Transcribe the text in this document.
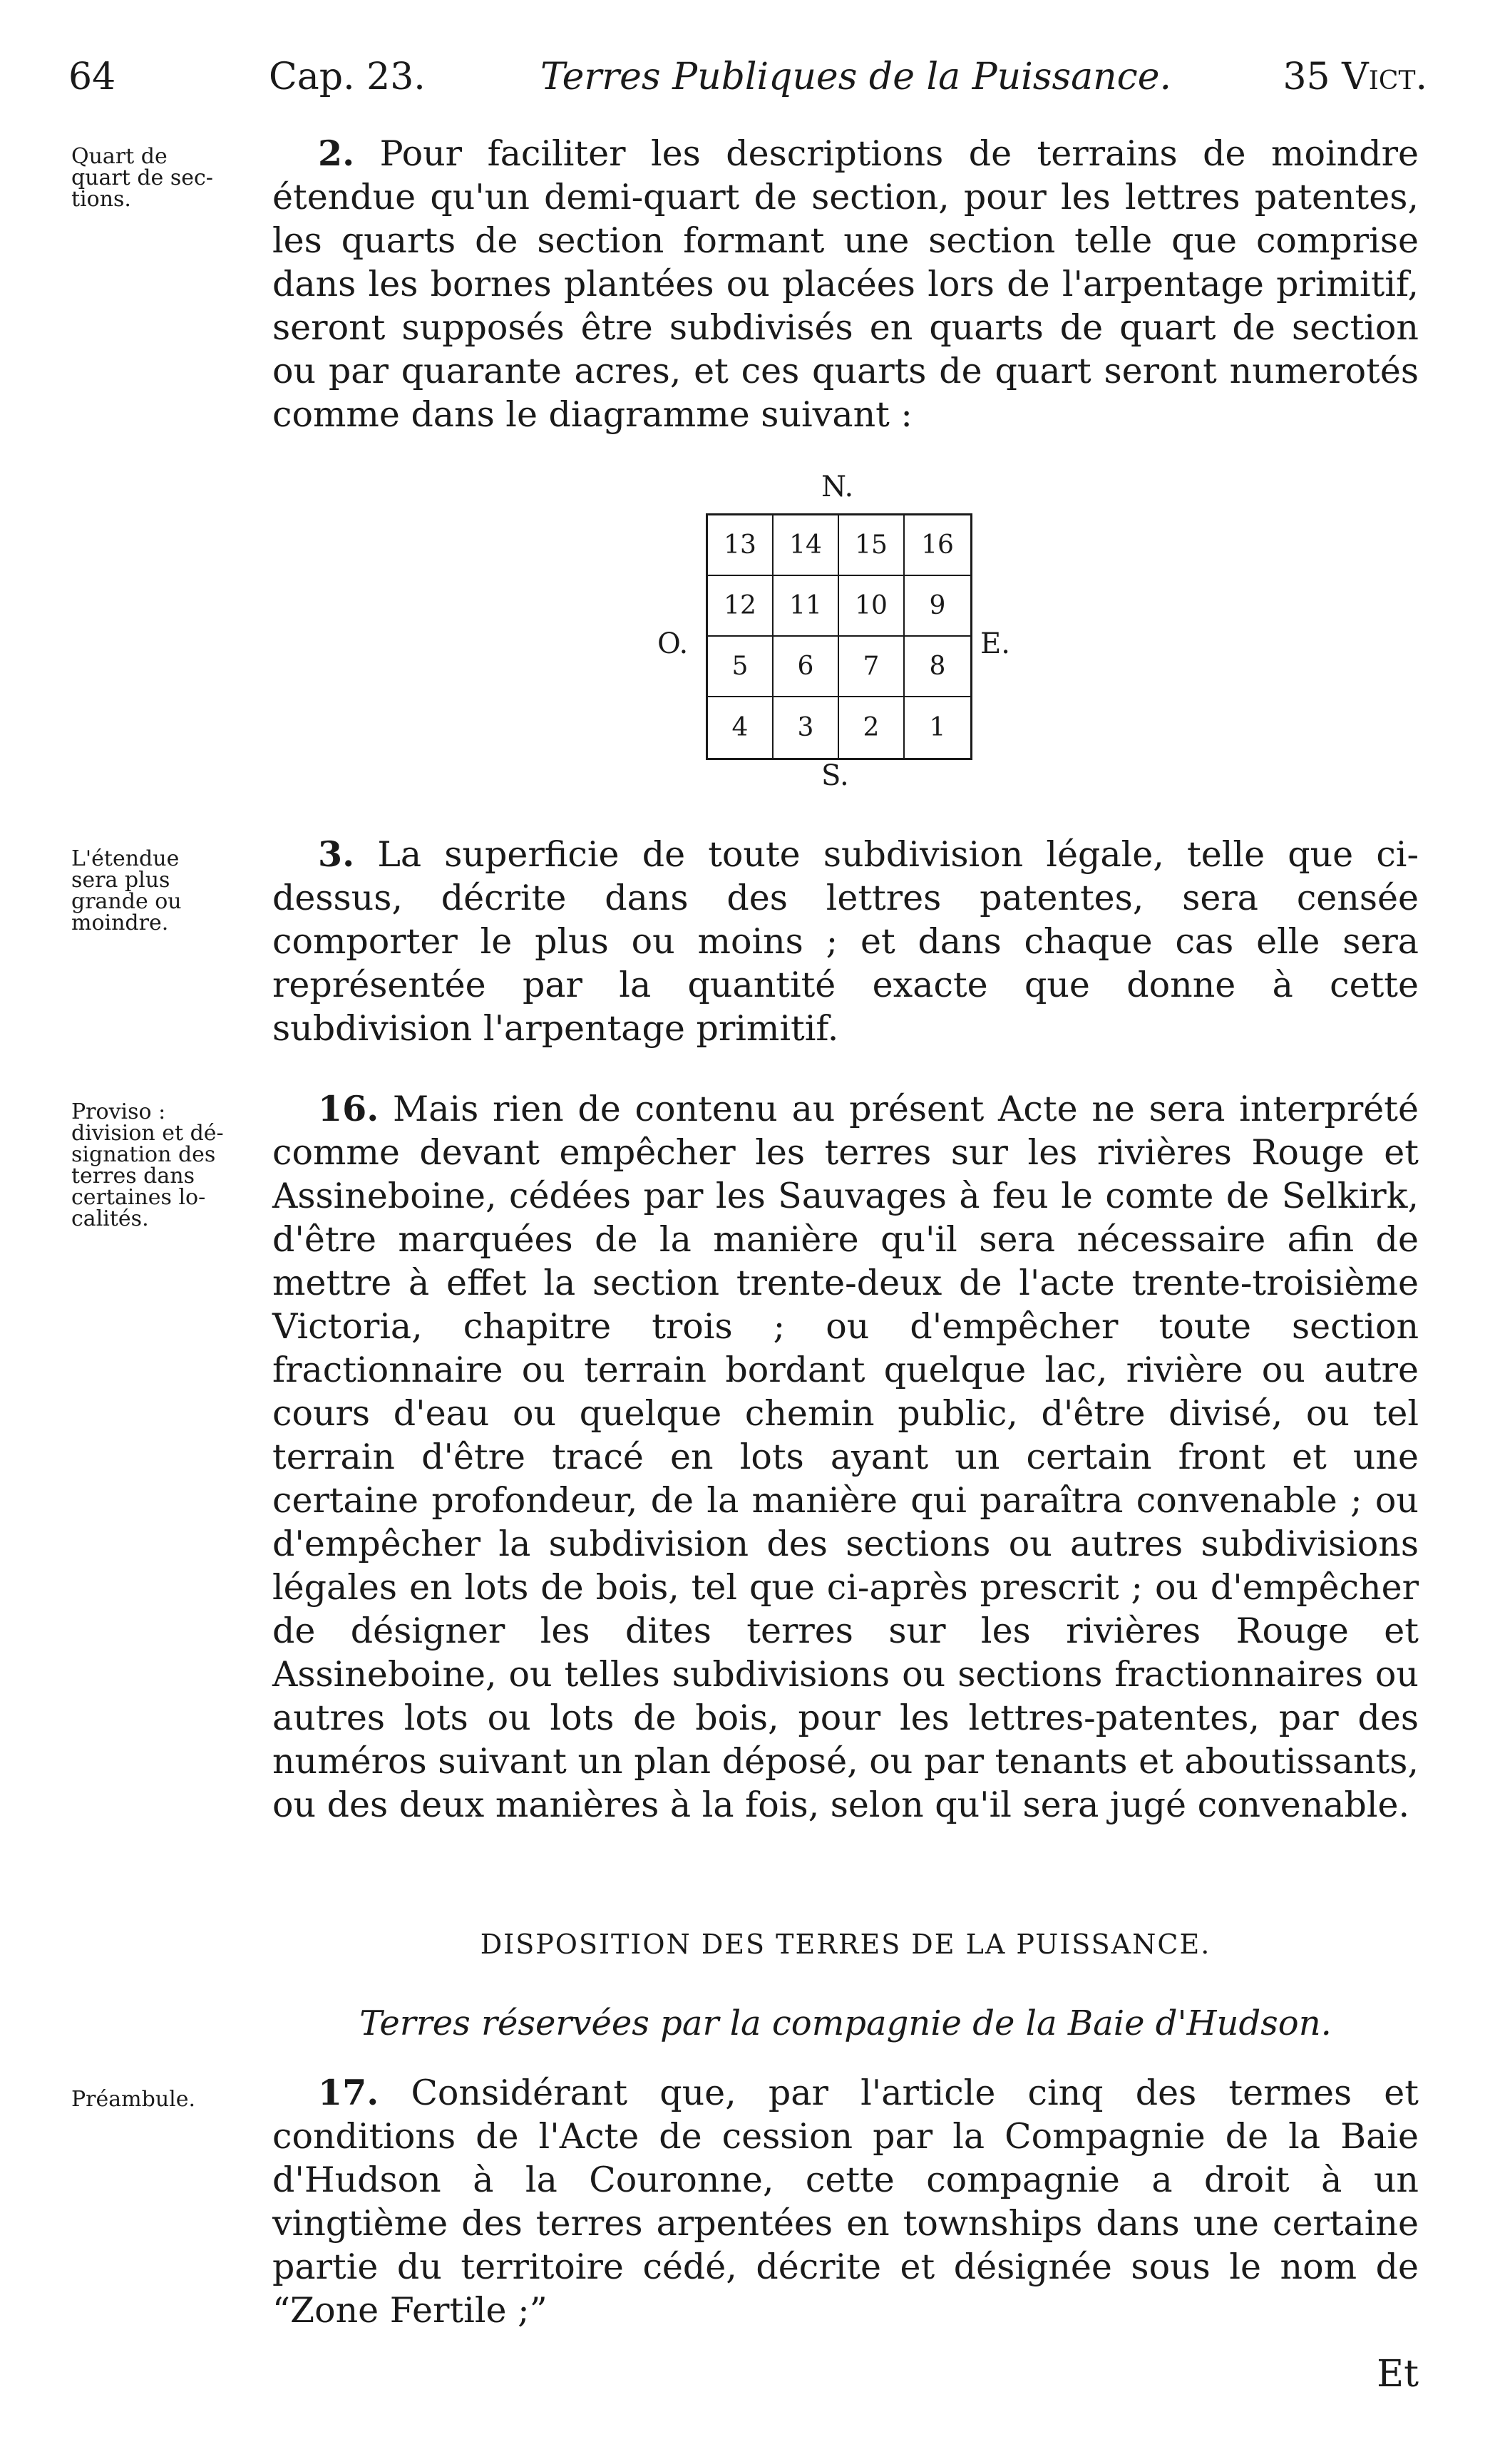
64	Cap. 23.	Terres Publiques de la Puissance.	35 Vict.
Quart de
quart de sec-
tions.

2. Pour faciliter les descriptions de terrains de moindre étendue qu'un demi-quart de section, pour les lettres patentes, les quarts de section formant une section telle que comprise dans les bornes plantées ou placées lors de l'arpentage primitif, seront supposés être subdivisés en quarts de quart de section ou par quarante acres, et ces quarts de quart seront numerotés comme dans le diagramme suivant :

N.
O.	E.
S.
13	14	15	16
12	11	10	9
5	6	7	8
4	3	2	1
L'étendue
sera plus
grande ou
moindre.

3. La superficie de toute subdivision légale, telle que ci-dessus, décrite dans des lettres patentes, sera censée comporter le plus ou moins ; et dans chaque cas elle sera représentée par la quantité exacte que donne à cette subdivision l'arpentage primitif.

Proviso :
division et dé-
signation des
terres dans
certaines lo-
calités.

16. Mais rien de contenu au présent Acte ne sera interprété comme devant empêcher les terres sur les rivières Rouge et Assineboine, cédées par les Sauvages à feu le comte de Selkirk, d'être marquées de la manière qu'il sera nécessaire afin de mettre à effet la section trente-deux de l'acte trente-troisième Victoria, chapitre trois ; ou d'empêcher toute section fractionnaire ou terrain bordant quelque lac, rivière ou autre cours d'eau ou quelque chemin public, d'être divisé, ou tel terrain d'être tracé en lots ayant un certain front et une certaine profondeur, de la manière qui paraîtra convenable ; ou d'empêcher la subdivision des sections ou autres subdivisions légales en lots de bois, tel que ci-après prescrit ; ou d'empêcher de désigner les dites terres sur les rivières Rouge et Assineboine, ou telles subdivisions ou sections fractionnaires ou autres lots ou lots de bois, pour les lettres-patentes, par des numéros suivant un plan déposé, ou par tenants et aboutissants, ou des deux manières à la fois, selon qu'il sera jugé convenable.

DISPOSITION DES TERRES DE LA PUISSANCE.

Terres réservées par la compagnie de la Baie d'Hudson.

Préambule.	17. Considérant que, par l'article cinq des termes et conditions de l'Acte de cession par la Compagnie de la Baie d'Hudson à la Couronne, cette compagnie a droit à un vingtième des terres arpentées en townships dans une certaine partie du territoire cédé, décrite et désignée sous le nom de “Zone Fertile ;”

Et
